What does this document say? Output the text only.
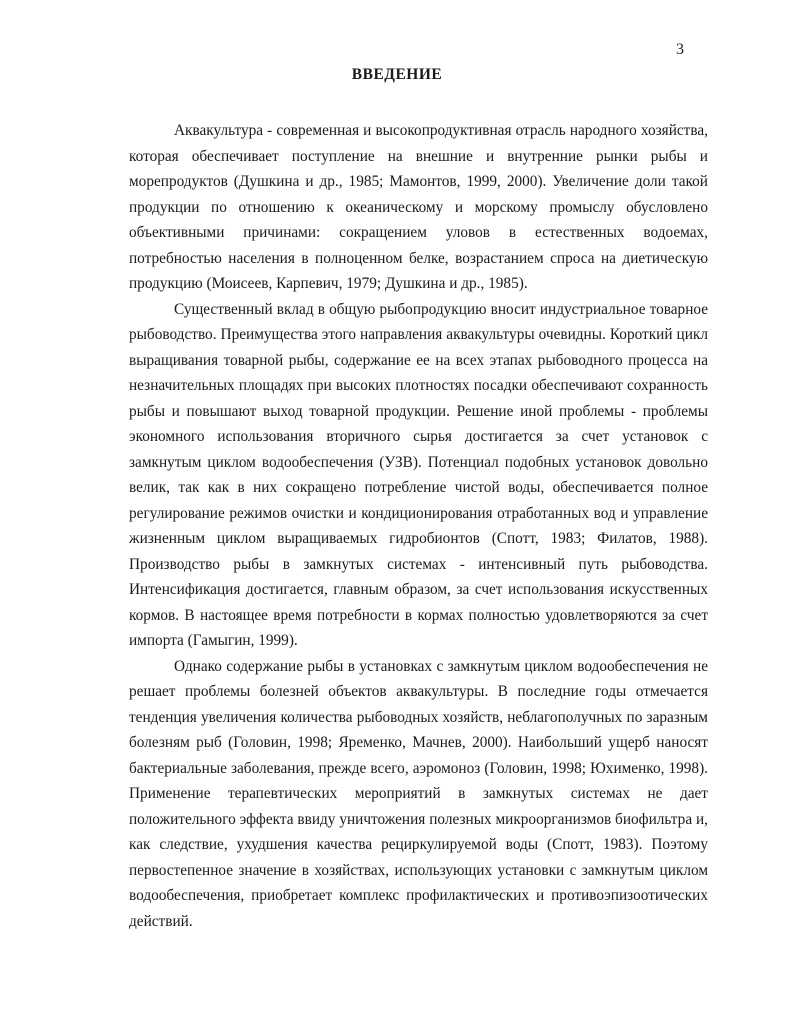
3
ВВЕДЕНИЕ

Аквакультура - современная и высокопродуктивная отрасль народного хозяйства, которая обеспечивает поступление на внешние и внутренние рынки рыбы и морепродуктов (Душкина и др., 1985; Мамонтов, 1999, 2000). Увеличение доли такой продукции по отношению к океаническому и морскому промыслу обусловлено объективными причинами: сокращением уловов в естественных водоемах, потребностью населения в полноценном белке, возрастанием спроса на диетическую продукцию (Моисеев, Карпевич, 1979; Душкина и др., 1985).

Существенный вклад в общую рыбопродукцию вносит индустриальное товарное рыбоводство. Преимущества этого направления аквакультуры очевидны. Короткий цикл выращивания товарной рыбы, содержание ее на всех этапах рыбоводного процесса на незначительных площадях при высоких плотностях посадки обеспечивают сохранность рыбы и повышают выход товарной продукции. Решение иной проблемы - проблемы экономного использования вторичного сырья достигается за счет установок с замкнутым циклом водообеспечения (УЗВ). Потенциал подобных установок довольно велик, так как в них сокращено потребление чистой воды, обеспечивается полное регулирование режимов очистки и кондиционирования отработанных вод и управление жизненным циклом выращиваемых гидробионтов (Спотт, 1983; Филатов, 1988). Производство рыбы в замкнутых системах - интенсивный путь рыбоводства. Интенсификация достигается, главным образом, за счет использования искусственных кормов. В настоящее время потребности в кормах полностью удовлетворяются за счет импорта (Гамыгин, 1999).

Однако содержание рыбы в установках с замкнутым циклом водообеспечения не решает проблемы болезней объектов аквакультуры. В последние годы отмечается тенденция увеличения количества рыбоводных хозяйств, неблагополучных по заразным болезням рыб (Головин, 1998; Яременко, Мачнев, 2000). Наибольший ущерб наносят бактериальные заболевания, прежде всего, аэромоноз (Головин, 1998; Юхименко, 1998). Применение терапевтических мероприятий в замкнутых системах не дает положительного эффекта ввиду уничтожения полезных микроорганизмов биофильтра и, как следствие, ухудшения качества рециркулируемой воды (Спотт, 1983). Поэтому первостепенное значение в хозяйствах, использующих установки с замкнутым циклом водообеспечения, приобретает комплекс профилактических и противоэпизоотических действий.
